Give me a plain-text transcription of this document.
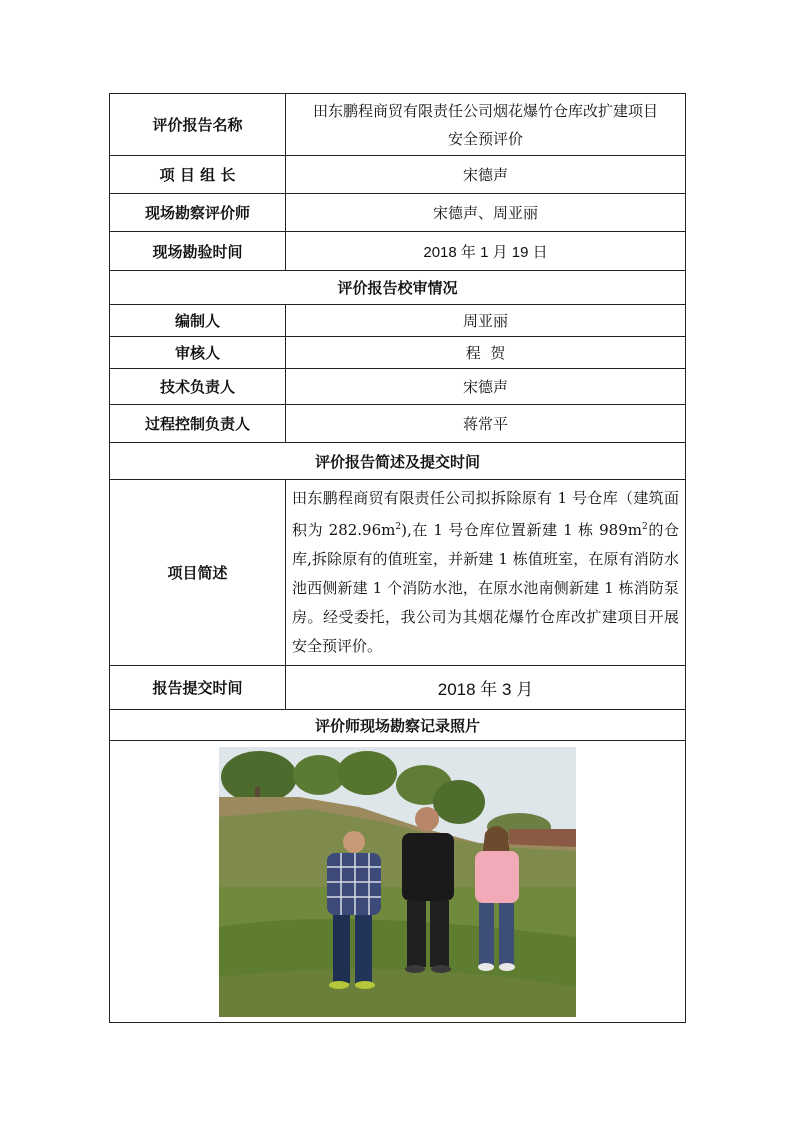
评价报告名称	田东鹏程商贸有限责任公司烟花爆竹仓库改扩建项目
安全预评价

项 目 组 长	宋德声
现场勘察评价师	宋德声、周亚丽
现场勘验时间	2018 年 1 月 19 日
评价报告校审情况	
编制人	周亚丽
审核人	程  贺
技术负责人	宋德声
过程控制负责人	蒋常平
评价报告简述及提交时间	
项目简述	田东鹏程商贸有限责任公司拟拆除原有 1 号仓库（建筑面积为 $282.96m^2$),在 1 号仓库位置新建 1 栋 $989m^2$的仓库,拆除原有的值班室，并新建 1 栋值班室，在原有消防水池西侧新建 1 个消防水池，在原水池南侧新建 1 栋消防泵房。经受委托，我公司为其烟花爆竹仓库改扩建项目开展安全预评价。
报告提交时间	2018 年 3 月
评价师现场勘察记录照片	
